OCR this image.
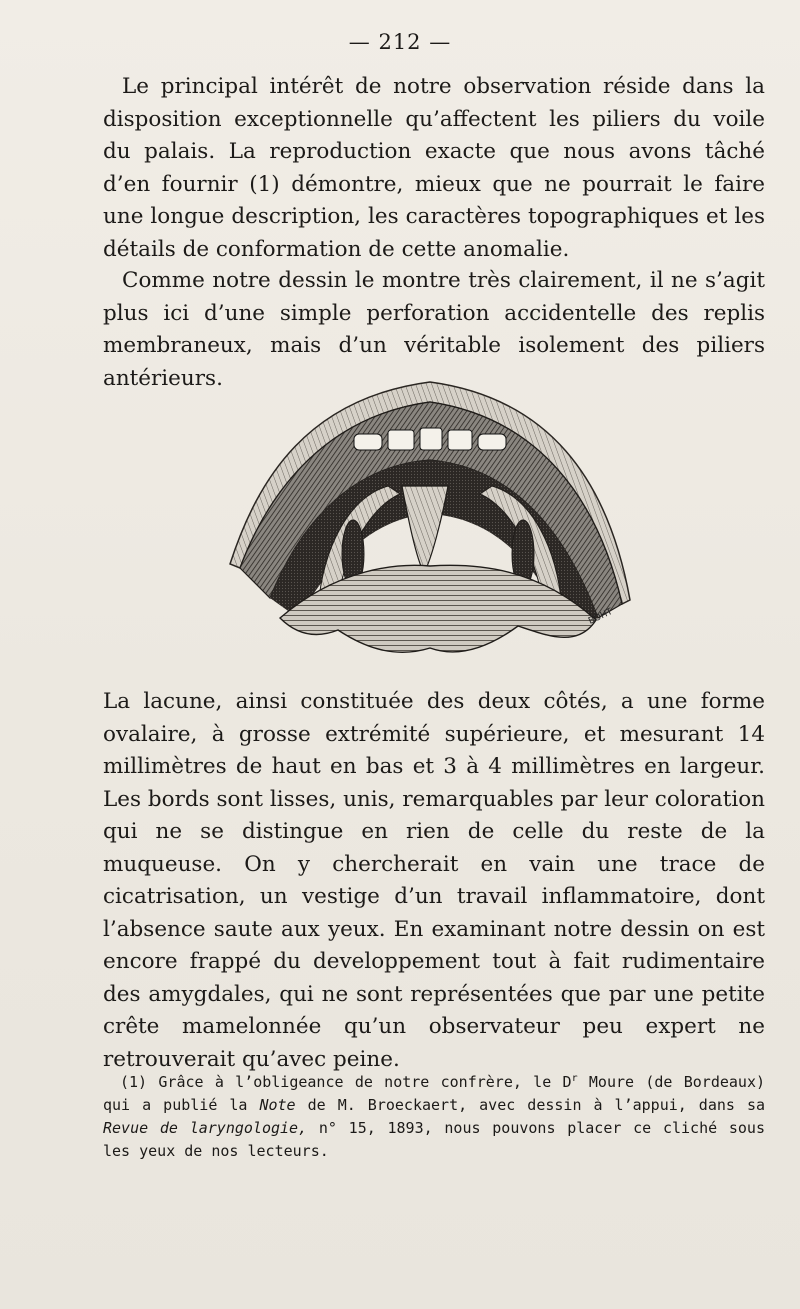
— 212 —

Le principal intérêt de notre observation réside dans la disposition exceptionnelle qu’affectent les piliers du voile du palais. La reproduction exacte que nous avons tâché d’en fournir (1) démontre, mieux que ne pourrait le faire une longue description, les caractères topographiques et les détails de conformation de cette anomalie.

Comme notre dessin le montre très clairement, il ne s’agit plus ici d’une simple perforation accidentelle des replis membraneux, mais d’un véritable isolement des piliers antérieurs.

BÖHT

La lacune, ainsi constituée des deux côtés, a une forme ovalaire, à grosse extrémité supérieure, et mesurant 14 millimètres de haut en bas et 3 à 4 millimètres en largeur. Les bords sont lisses, unis, remarquables par leur coloration qui ne se distingue en rien de celle du reste de la muqueuse. On y chercherait en vain une trace de cicatrisation, un vestige d’un travail inflammatoire, dont l’absence saute aux yeux. En examinant notre dessin on est encore frappé du developpement tout à fait rudimentaire des amygdales, qui ne sont représentées que par une petite crête mamelonnée qu’un observateur peu expert ne retrouverait qu’avec peine.

(1) Grâce à l’obligeance de notre confrère, le $D^r$ Moure (de Bordeaux) qui a publié la Note de M. Broeckaert, avec dessin à l’appui, dans sa Revue de laryngologie, n° 15, 1893, nous pouvons placer ce cliché sous les yeux de nos lecteurs.
